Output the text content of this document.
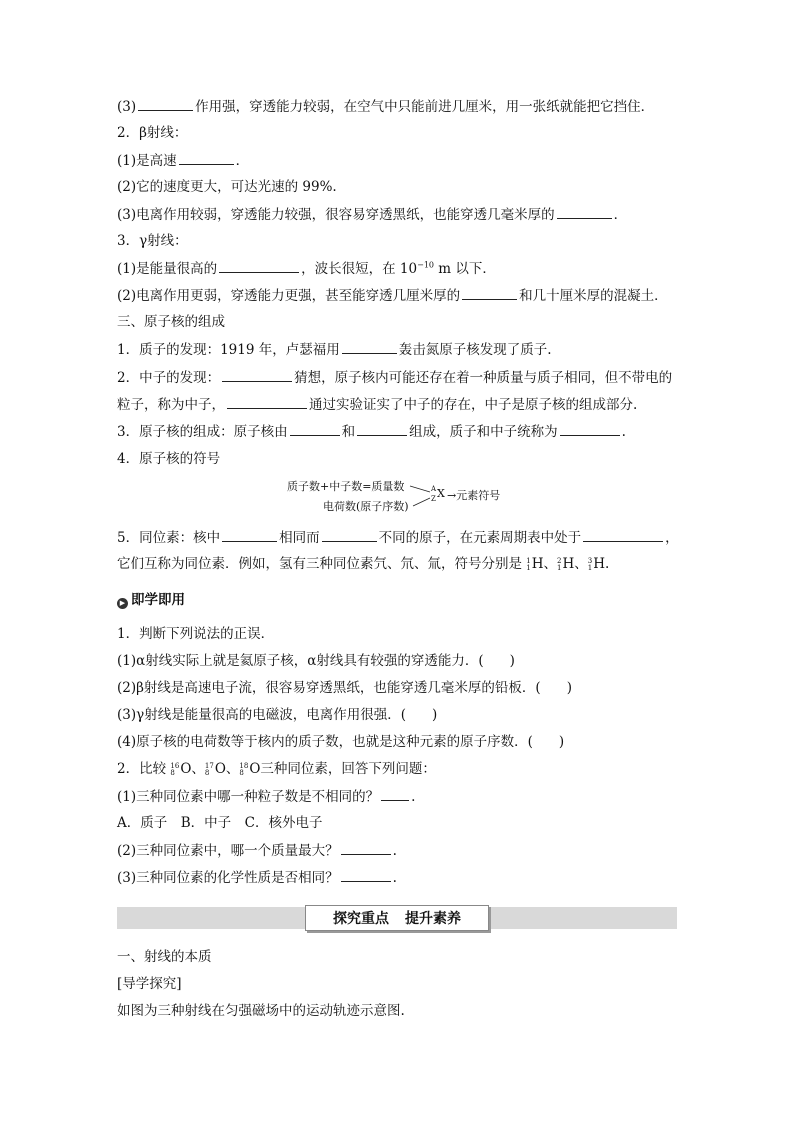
(3)	作用强，穿透能力较弱，在空气中只能前进几厘米，用一张纸就能把它挡住．
2．β射线：
(1)是高速	．
(2)它的速度更大，可达光速的 99%.
(3)电离作用较弱，穿透能力较强，很容易穿透黑纸，也能穿透几毫米厚的	．
3．γ射线：
(1)是能量很高的	，波长很短，在 $10^{-10}$ m 以下．
(2)电离作用更弱，穿透能力更强，甚至能穿透几厘米厚的	和几十厘米厚的混凝土．
三、原子核的组成
1．质子的发现：1919 年，卢瑟福用	轰击氮原子核发现了质子.
2．中子的发现：	猜想，原子核内可能还存在着一种质量与质子相同，但不带电的
粒子，称为中子，	通过实验证实了中子的存在，中子是原子核的组成部分.
3．原子核的组成：原子核由	和	组成，质子和中子统称为	.
4．原子核的符号
质子数+中子数=质量数
电荷数(原子序数)
A
Z X →元素符号
5．同位素：核中	相同而	不同的原子，在元素周期表中处于	，
它们互称为同位素．例如，氢有三种同位素氕、氘、氚，符号分别是 1
1 H、 2
1 H、 3
1 H.
▶ 即学即用
1．判断下列说法的正误．
(1)α射线实际上就是氦原子核，α射线具有较强的穿透能力．( )
(2)β射线是高速电子流，很容易穿透黑纸，也能穿透几毫米厚的铅板．( )
(3)γ射线是能量很高的电磁波，电离作用很强．( )
(4)原子核的电荷数等于核内的质子数，也就是这种元素的原子序数．( )
2．比较 16
8 O、 17
8 O、 18
8 O三种同位素，回答下列问题：
(1)三种同位素中哪一种粒子数是不相同的？ .
A．质子　B．中子　C．核外电子
(2)三种同位素中，哪一个质量最大？	.
(3)三种同位素的化学性质是否相同？	.
探究重点 提升素养
一、射线的本质
[导学探究]
如图为三种射线在匀强磁场中的运动轨迹示意图.
